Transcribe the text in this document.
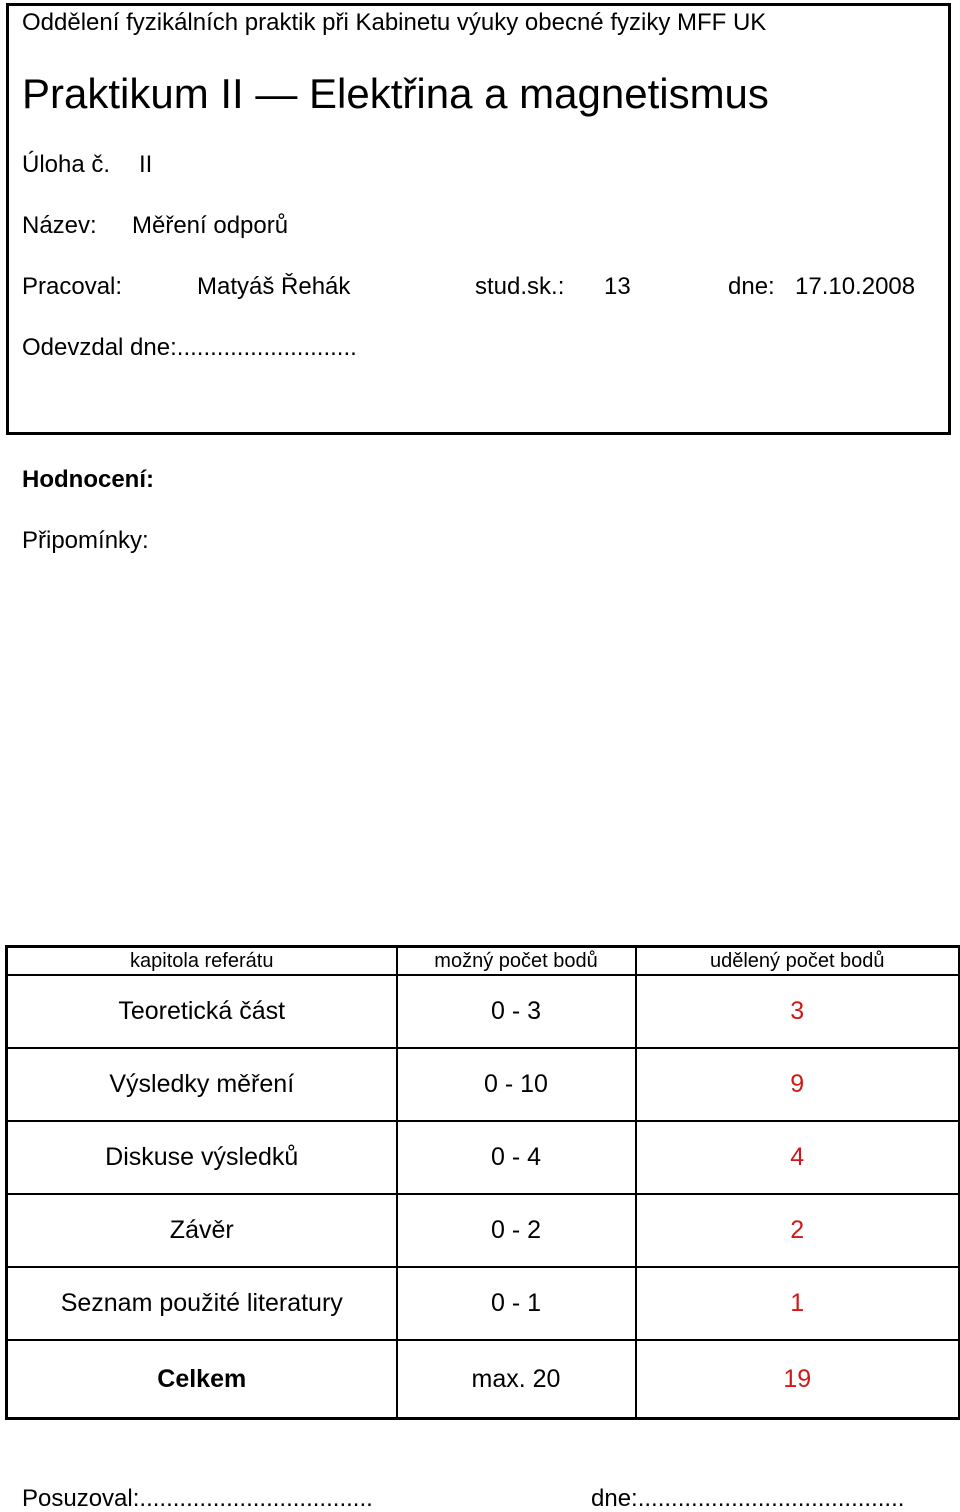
Oddělení fyzikálních praktik při Kabinetu výuky obecné fyziky MFF UK
Praktikum II — Elektřina a magnetismus
Úloha č. II
Název: Měření odporů
Pracoval:	Matyáš Řehák	stud.sk.: 13	dne: 17.10.2008
Odevzdal dne:...........................
Hodnocení:
Připomínky:
kapitola referátu	možný počet bodů	udělený počet bodů
Teoretická část	0 - 3	3
Výsledky měření	0 - 10	9
Diskuse výsledků	0 - 4	4
Závěr	0 - 2	2
Seznam použité literatury	0 - 1	1
Celkem	max. 20	19
Posuzoval:...................................	dne:........................................
